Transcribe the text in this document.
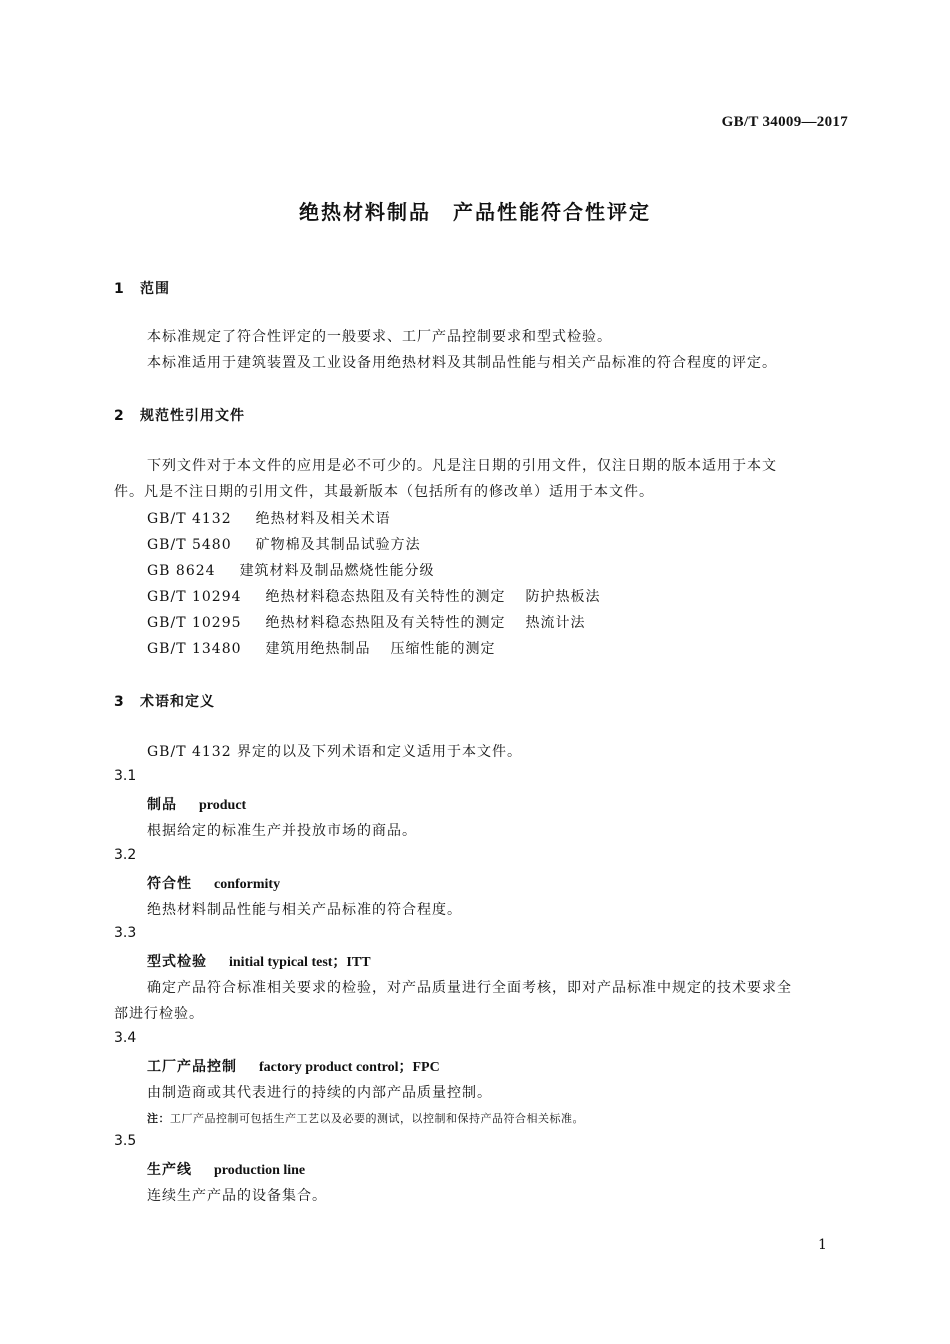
GB/T 34009—2017
绝热材料制品　产品性能符合性评定
1 范围
本标准规定了符合性评定的一般要求、工厂产品控制要求和型式检验。
本标准适用于建筑装置及工业设备用绝热材料及其制品性能与相关产品标准的符合程度的评定。
2 规范性引用文件
下列文件对于本文件的应用是必不可少的。凡是注日期的引用文件，仅注日期的版本适用于本文
件。凡是不注日期的引用文件，其最新版本（包括所有的修改单）适用于本文件。
GB/T 4132 绝热材料及相关术语
GB/T 5480 矿物棉及其制品试验方法
GB 8624 建筑材料及制品燃烧性能分级
GB/T 10294 绝热材料稳态热阻及有关特性的测定 防护热板法
GB/T 10295 绝热材料稳态热阻及有关特性的测定 热流计法
GB/T 13480 建筑用绝热制品 压缩性能的测定
3 术语和定义
GB/T 4132 界定的以及下列术语和定义适用于本文件。
3.1
制品 product
根据给定的标准生产并投放市场的商品。
3.2
符合性 conformity
绝热材料制品性能与相关产品标准的符合程度。
3.3
型式检验 initial typical test；ITT
确定产品符合标准相关要求的检验，对产品质量进行全面考核，即对产品标准中规定的技术要求全
部进行检验。
3.4
工厂产品控制 factory product control；FPC
由制造商或其代表进行的持续的内部产品质量控制。
注：工厂产品控制可包括生产工艺以及必要的测试，以控制和保持产品符合相关标准。
3.5
生产线 production line
连续生产产品的设备集合。
1
